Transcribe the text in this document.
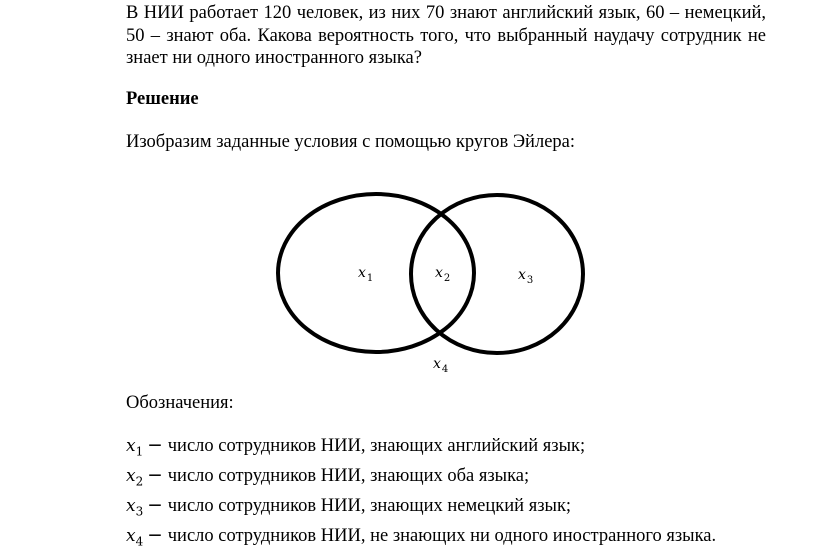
В НИИ работает 120 человек, из них 70 знают английский язык, 60 – немецкий, 50 – знают оба. Какова вероятность того, что выбранный наудачу сотрудник не знает ни одного иностранного языка?

Решение

Изобразим заданные условия с помощью кругов Эйлера:

$x_1$	$x_2$	$x_3$
$x_4$

Обозначения:

$x_1$ − число сотрудников НИИ, знающих английский язык;
$x_2$ − число сотрудников НИИ, знающих оба языка;
$x_3$ − число сотрудников НИИ, знающих немецкий язык;
$x_4$ − число сотрудников НИИ, не знающих ни одного иностранного языка.
